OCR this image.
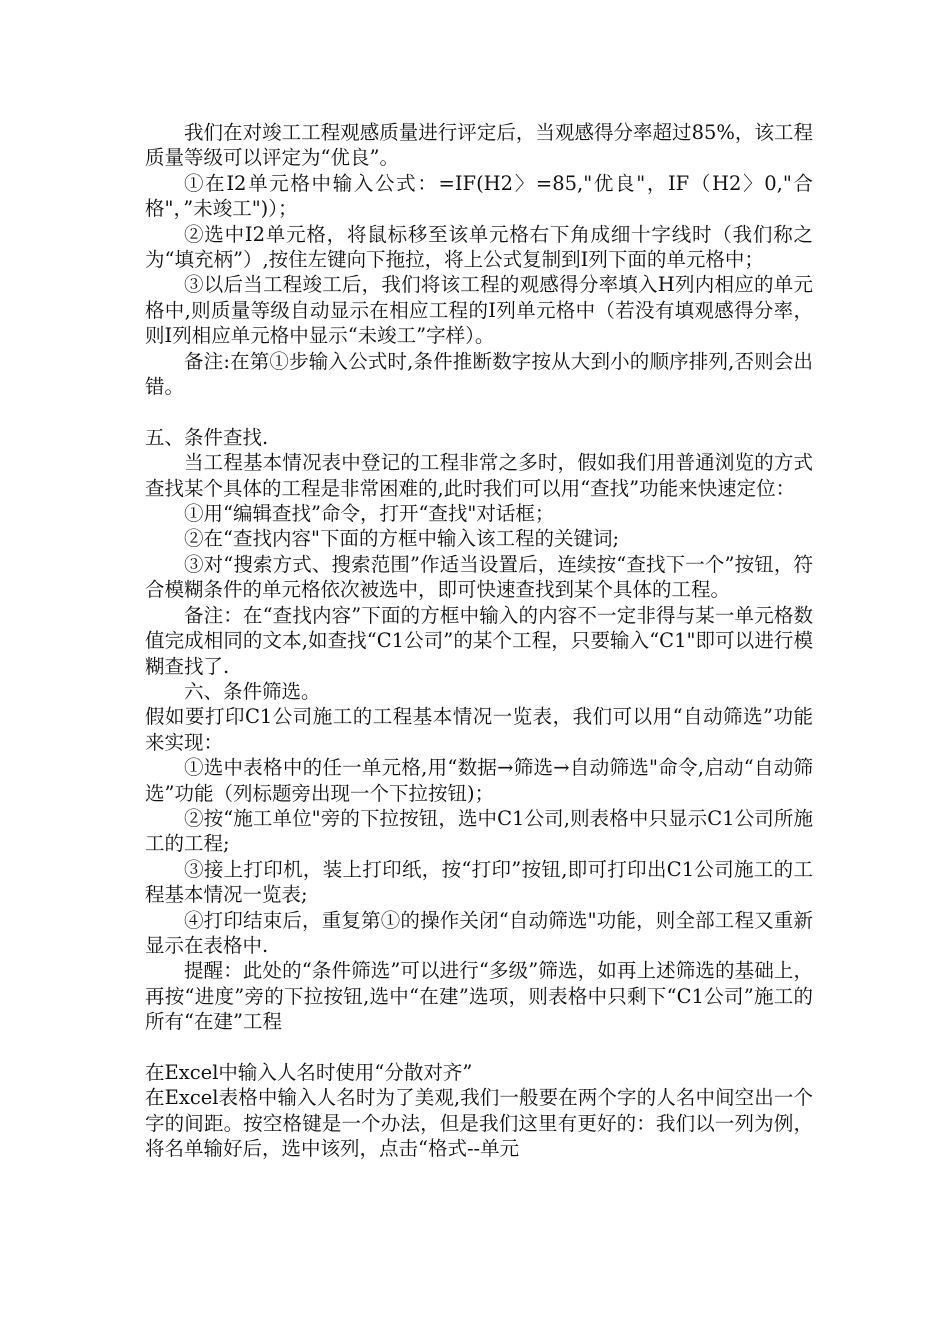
我们在对竣工工程观感质量进行评定后，当观感得分率超过85%，该工程质量等级可以评定为“优良”。

①在I2单元格中输入公式：=IF(H2〉=85,"优良"，IF（H2〉0,"合格"，”未竣工")）；

②选中I2单元格，将鼠标移至该单元格右下角成细十字线时（我们称之为“填充柄”）,按住左键向下拖拉，将上公式复制到I列下面的单元格中；

③以后当工程竣工后，我们将该工程的观感得分率填入H列内相应的单元格中,则质量等级自动显示在相应工程的I列单元格中（若没有填观感得分率，则I列相应单元格中显示“未竣工”字样）。

备注:在第①步输入公式时,条件推断数字按从大到小的顺序排列,否则会出错。

五、条件查找.

当工程基本情况表中登记的工程非常之多时，假如我们用普通浏览的方式查找某个具体的工程是非常困难的,此时我们可以用“查找”功能来快速定位：

①用“编辑查找”命令，打开“查找"对话框；

②在“查找内容"下面的方框中输入该工程的关键词;

③对“搜索方式、搜索范围”作适当设置后，连续按“查找下一个”按钮，符合模糊条件的单元格依次被选中，即可快速查找到某个具体的工程。

备注：在“查找内容”下面的方框中输入的内容不一定非得与某一单元格数值完成相同的文本,如查找“C1公司”的某个工程，只要输入“C1"即可以进行模糊查找了.

六、条件筛选。

假如要打印C1公司施工的工程基本情况一览表，我们可以用“自动筛选”功能来实现：

①选中表格中的任一单元格,用“数据→筛选→自动筛选"命令,启动“自动筛选”功能（列标题旁出现一个下拉按钮)；

②按“施工单位"旁的下拉按钮，选中C1公司,则表格中只显示C1公司所施工的工程;

③接上打印机，装上打印纸，按“打印”按钮,即可打印出C1公司施工的工程基本情况一览表;

④打印结束后，重复第①的操作关闭“自动筛选"功能，则全部工程又重新显示在表格中.

提醒：此处的“条件筛选”可以进行“多级”筛选，如再上述筛选的基础上，再按“进度”旁的下拉按钮,选中“在建”选项，则表格中只剩下“C1公司”施工的所有“在建”工程

在Excel中输入人名时使用“分散对齐”

在Excel表格中输入人名时为了美观,我们一般要在两个字的人名中间空出一个字的间距。按空格键是一个办法，但是我们这里有更好的：我们以一列为例，将名单输好后，选中该列，点击“格式--单元
